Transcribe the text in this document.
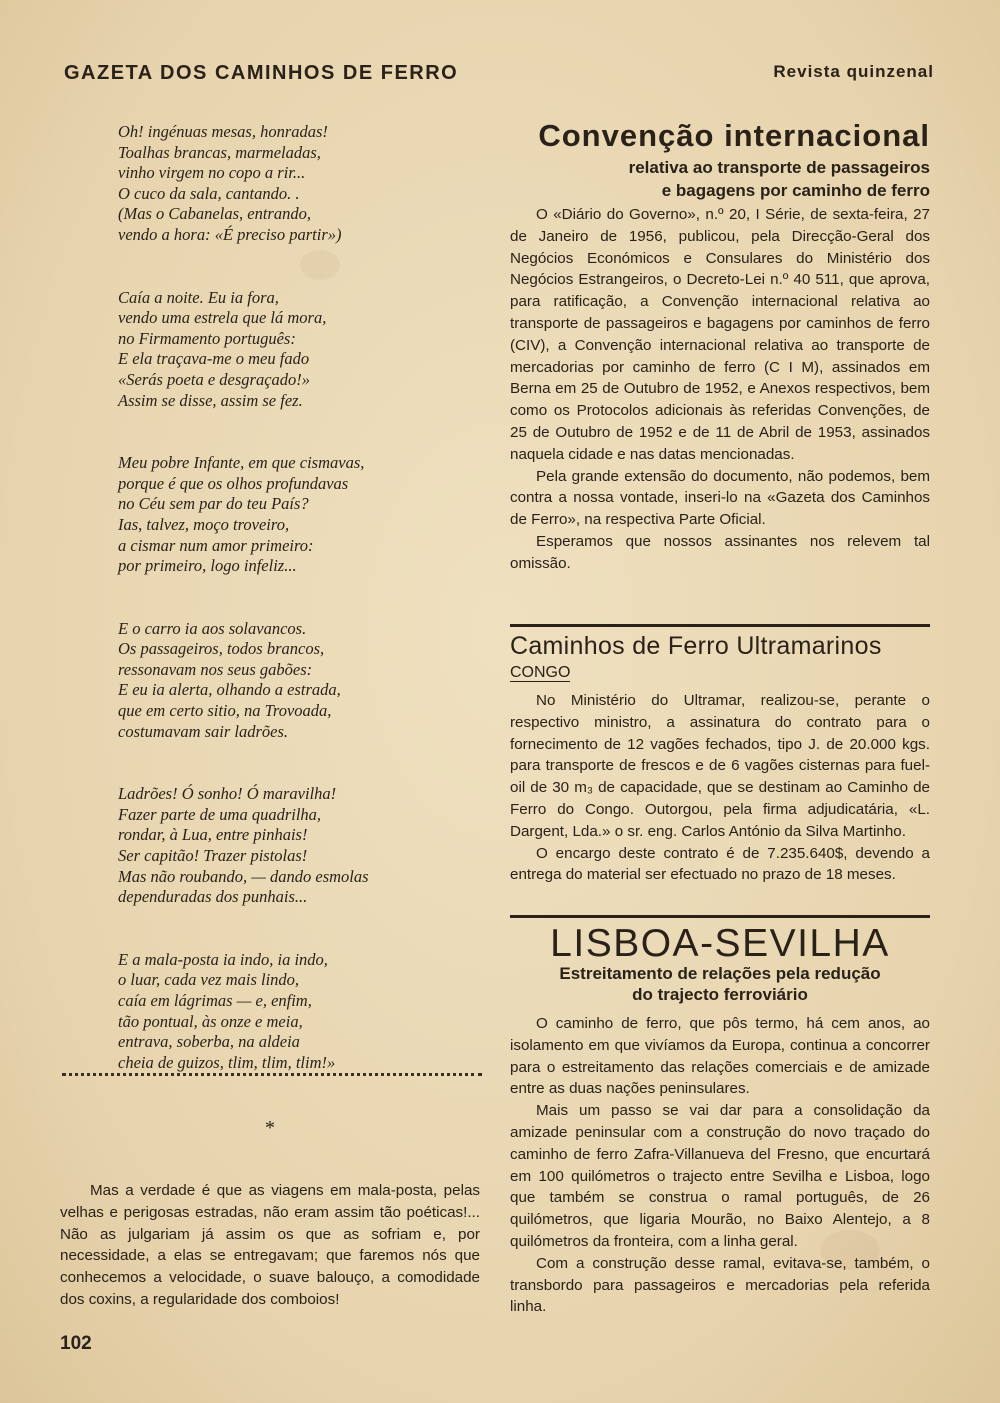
GAZETA DOS CAMINHOS DE FERRO	Revista quinzenal
Oh! ingénuas mesas, honradas!
Toalhas brancas, marmeladas,
vinho virgem no copo a rir...
O cuco da sala, cantando. .
(Mas o Cabanelas, entrando,
vendo a hora: «É preciso partir»)
Caía a noite. Eu ia fora,
vendo uma estrela que lá mora,
no Firmamento português:
E ela traçava-me o meu fado
«Serás poeta e desgraçado!»
Assim se disse, assim se fez.
Meu pobre Infante, em que cismavas,
porque é que os olhos profundavas
no Céu sem par do teu País?
Ias, talvez, moço troveiro,
a cismar num amor primeiro:
por primeiro, logo infeliz...
E o carro ia aos solavancos.
Os passageiros, todos brancos,
ressonavam nos seus gabões:
E eu ia alerta, olhando a estrada,
que em certo sitio, na Trovoada,
costumavam sair ladrões.
Ladrões! Ó sonho! Ó maravilha!
Fazer parte de uma quadrilha,
rondar, à Lua, entre pinhais!
Ser capitão! Trazer pistolas!
Mas não roubando, — dando esmolas
dependuradas dos punhais...
E a mala-posta ia indo, ia indo,
o luar, cada vez mais lindo,
caía em lágrimas — e, enfim,
tão pontual, às onze e meia,
entrava, soberba, na aldeia
cheia de guizos, tlim, tlim, tlim!»
*

Mas a verdade é que as viagens em mala-posta, pelas velhas e perigosas estradas, não eram assim tão poéticas!... Não as julgariam já assim os que as sofriam e, por necessidade, a elas se entregavam; que faremos nós que conhecemos a velocidade, o suave balouço, a comodidade dos coxins, a regularidade dos comboios!

102
Convenção internacional
relativa ao transporte de passageiros
e bagagens por caminho de ferro

O «Diário do Governo», n.º 20, I Série, de sexta-feira, 27 de Janeiro de 1956, publicou, pela Direcção-Geral dos Negócios Económicos e Consulares do Ministério dos Negócios Estrangeiros, o Decreto-Lei n.º 40 511, que aprova, para ratificação, a Convenção internacional relativa ao transporte de passageiros e bagagens por caminhos de ferro (CIV), a Convenção internacional relativa ao transporte de mercadorias por caminho de ferro (C I M), assinados em Berna em 25 de Outubro de 1952, e Anexos respectivos, bem como os Protocolos adicionais às referidas Convenções, de 25 de Outubro de 1952 e de 11 de Abril de 1953, assinados naquela cidade e nas datas mencionadas.

Pela grande extensão do documento, não podemos, bem contra a nossa vontade, inseri-lo na «Gazeta dos Caminhos de Ferro», na respectiva Parte Oficial.

Esperamos que nossos assinantes nos relevem tal omissão.

Caminhos de Ferro Ultramarinos
CONGO

No Ministério do Ultramar, realizou-se, perante o respectivo ministro, a assinatura do contrato para o fornecimento de 12 vagões fechados, tipo J. de 20.000 kgs. para transporte de frescos e de 6 vagões cisternas para fuel-oil de 30 m₃ de capacidade, que se destinam ao Caminho de Ferro do Congo. Outorgou, pela firma adjudicatária, «L. Dargent, Lda.» o sr. eng. Carlos António da Silva Martinho.

O encargo deste contrato é de 7.235.640$, devendo a entrega do material ser efectuado no prazo de 18 meses.

LISBOA-SEVILHA
Estreitamento de relações pela redução
do trajecto ferroviário

O caminho de ferro, que pôs termo, há cem anos, ao isolamento em que vivíamos da Europa, continua a concorrer para o estreitamento das relações comerciais e de amizade entre as duas nações peninsulares.

Mais um passo se vai dar para a consolidação da amizade peninsular com a construção do novo traçado do caminho de ferro Zafra-Villanueva del Fresno, que encurtará em 100 quilómetros o trajecto entre Sevilha e Lisboa, logo que também se construa o ramal português, de 26 quilómetros, que ligaria Mourão, no Baixo Alentejo, a 8 quilómetros da fronteira, com a linha geral.

Com a construção desse ramal, evitava-se, também, o transbordo para passageiros e mercadorias pela referida linha.
